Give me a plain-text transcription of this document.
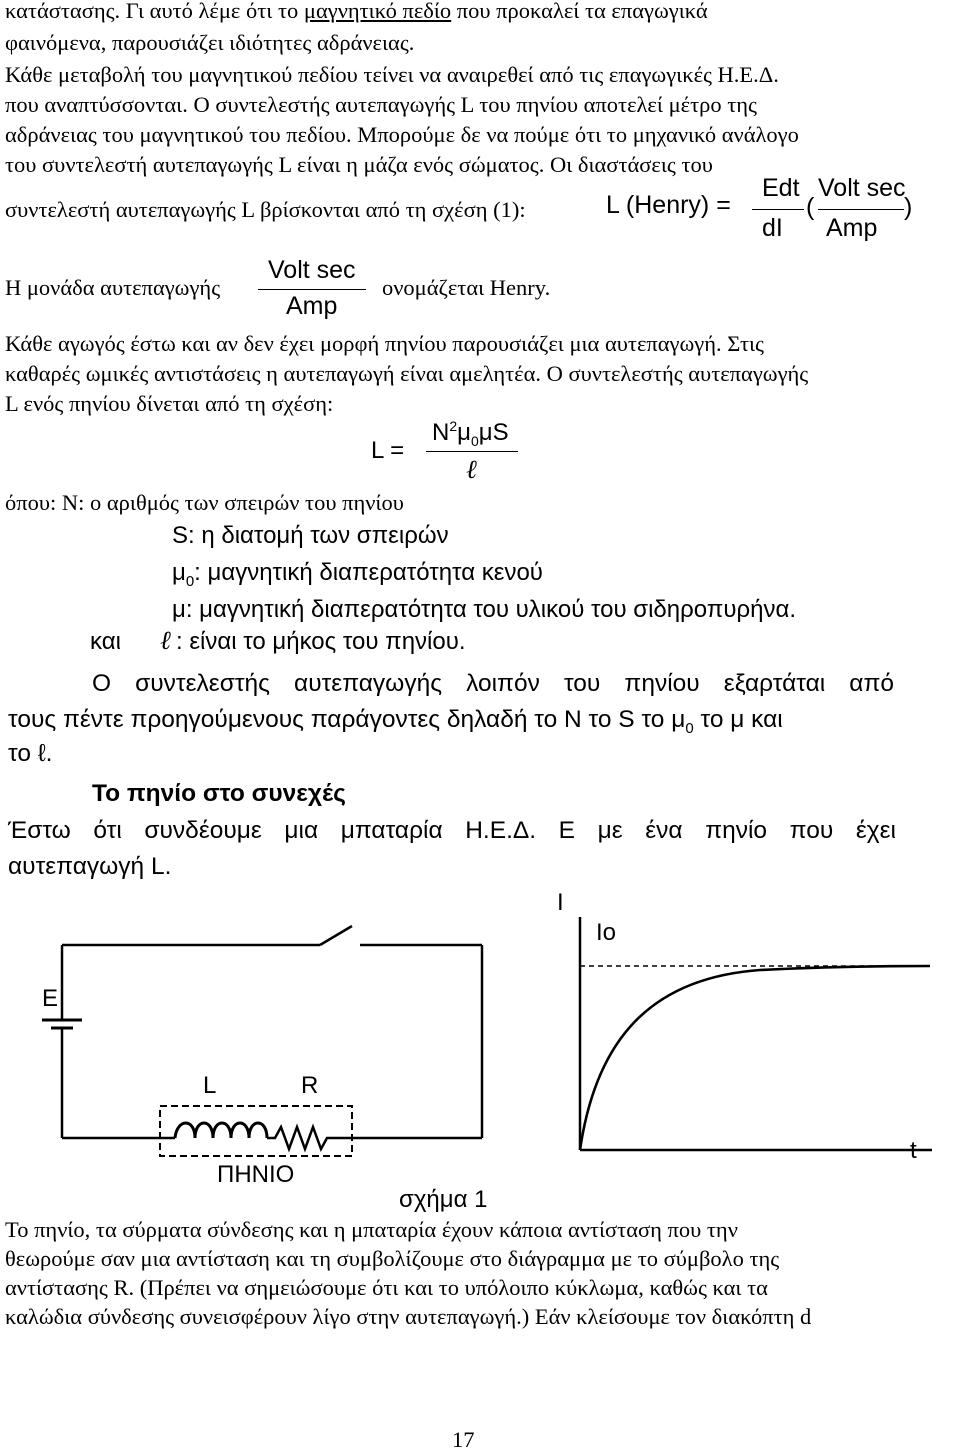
κατάστασης. Γι αυτό λέμε ότι το μαγνητικό πεδίο που προκαλεί τα επαγωγικά
φαινόμενα, παρουσιάζει ιδιότητες αδράνειας.
Κάθε μεταβολή του μαγνητικού πεδίου τείνει να αναιρεθεί από τις επαγωγικές Η.Ε.Δ.
που αναπτύσσονται. Ο συντελεστής αυτεπαγωγής L του πηνίου αποτελεί μέτρο της
αδράνειας του μαγνητικού του πεδίου. Μπορούμε δε να πούμε ότι το μηχανικό ανάλογο
του συντελεστή αυτεπαγωγής L είναι η μάζα ενός σώματος. Οι διαστάσεις του
συντελεστή αυτεπαγωγής L βρίσκονται από τη σχέση (1):	L (Henry) =
Edt
dI
(
Volt sec
Amp
)
Η μονάδα αυτεπαγωγής
Volt sec
Amp
ονομάζεται Henry.
Κάθε αγωγός έστω και αν δεν έχει μορφή πηνίου παρουσιάζει μια αυτεπαγωγή. Στις
καθαρές ωμικές αντιστάσεις η αυτεπαγωγή είναι αμελητέα. Ο συντελεστής αυτεπαγωγής
L ενός πηνίου δίνεται από τη σχέση:
L =
$N^2\mu_0\mu S$
ℓ
όπου: Ν: ο αριθμός των σπειρών του πηνίου
S: η διατομή των σπειρών
$\mu_0$: μαγνητική διαπερατότητα κενού
μ: μαγνητική διαπερατότητα του υλικού του σιδηροπυρήνα.
και ℓ : είναι το μήκος του πηνίου.
Ο συντελεστής αυτεπαγωγής λοιπόν του πηνίου εξαρτάται από
τους πέντε προηγούμενους παράγοντες δηλαδή το Ν το S το $\mu_0$ το μ και
το ℓ.
Το πηνίο στο συνεχές
Έστω ότι συνδέουμε μια μπαταρία Η.Ε.Δ. Ε με ένα πηνίο που έχει
αυτεπαγωγή L.
E
L	R
ΠΗΝΙΟ
I
Io
t
σχήμα 1
Το πηνίο, τα σύρματα σύνδεσης και η μπαταρία έχουν κάποια αντίσταση που την
θεωρούμε σαν μια αντίσταση και τη συμβολίζουμε στο διάγραμμα με το σύμβολο της
αντίστασης R. (Πρέπει να σημειώσουμε ότι και το υπόλοιπο κύκλωμα, καθώς και τα
καλώδια σύνδεσης συνεισφέρουν λίγο στην αυτεπαγωγή.) Εάν κλείσουμε τον διακόπτη d
17
